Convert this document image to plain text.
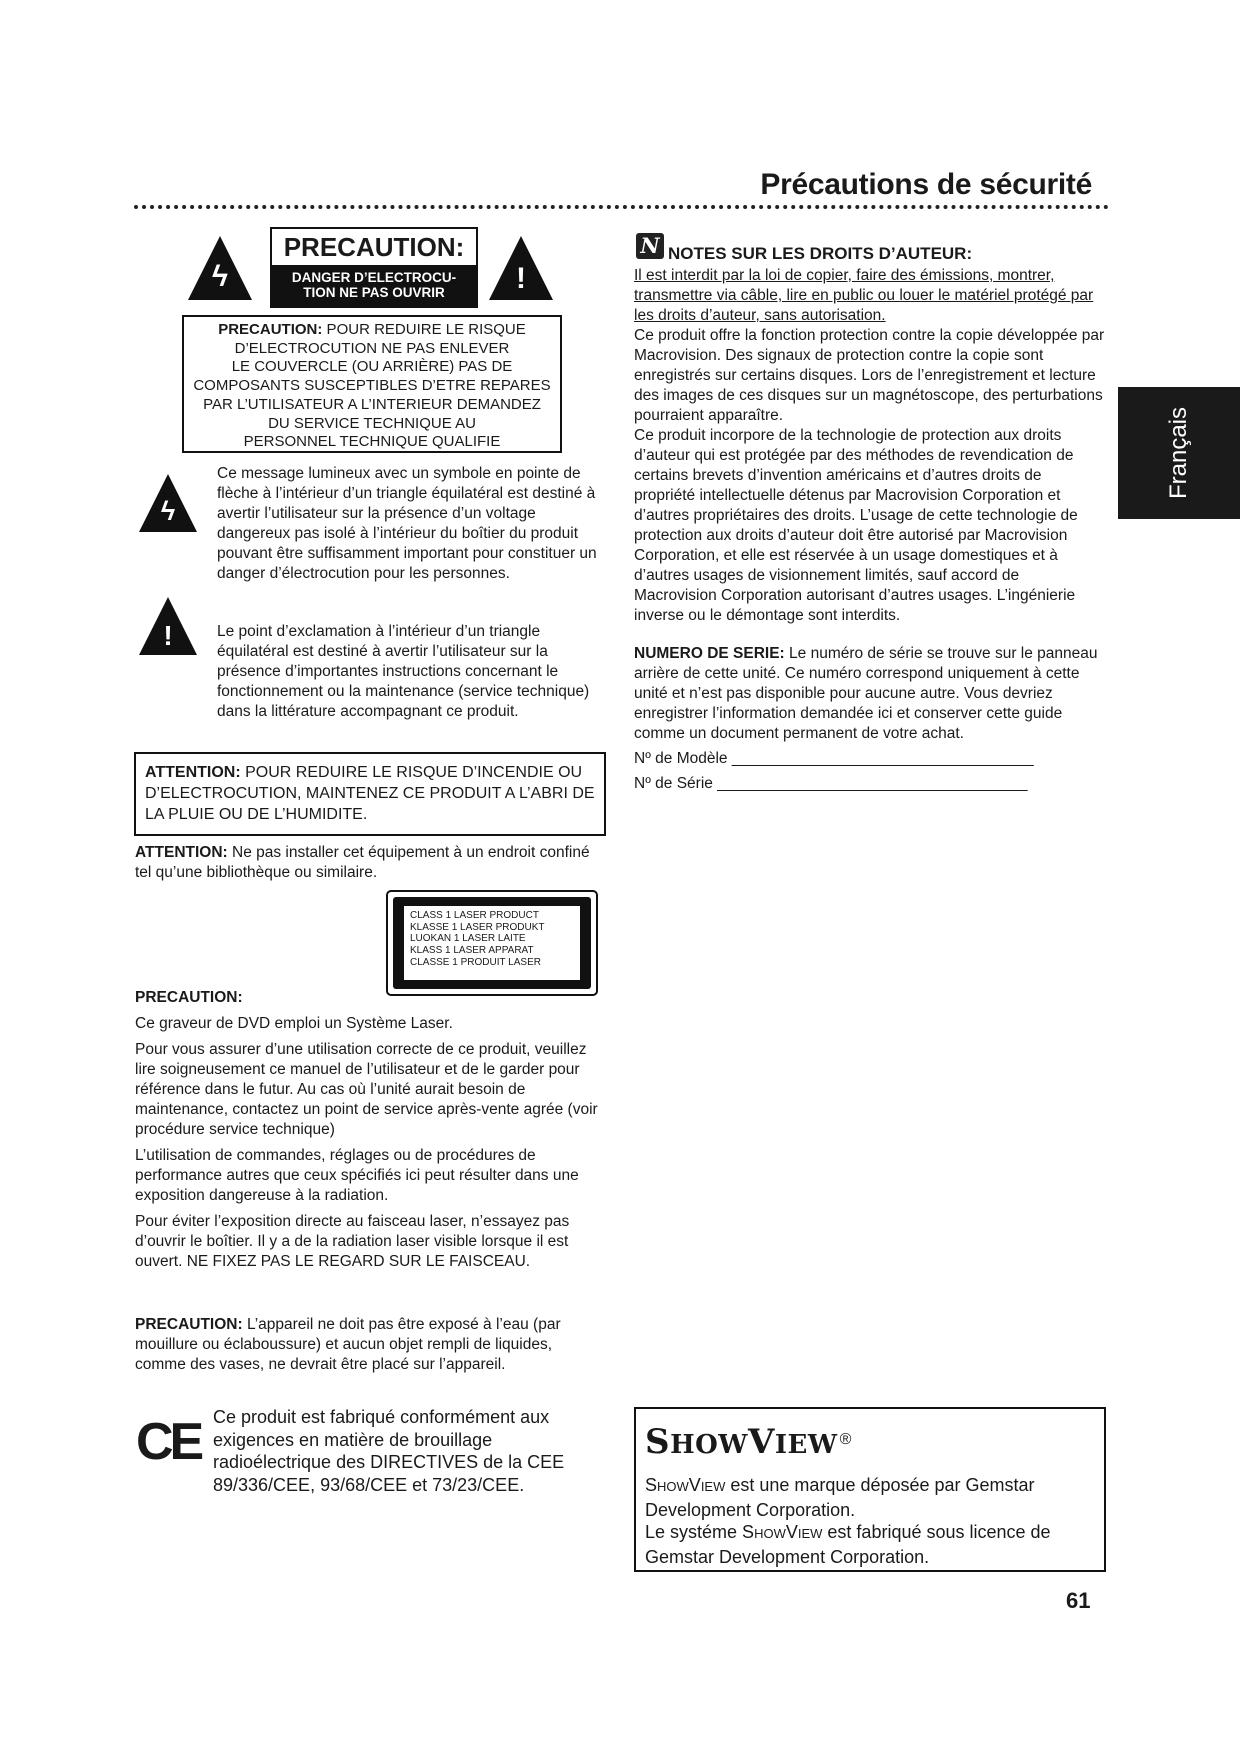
Précautions de sécurité
ϟ
PRECAUTION:
DANGER D’ELECTROCU-
TION NE PAS OUVRIR	!
PRECAUTION: POUR REDUIRE LE RISQUE
D’ELECTROCUTION NE PAS ENLEVER
LE COUVERCLE (OU ARRIÈRE) PAS DE
COMPOSANTS SUSCEPTIBLES D’ETRE REPARES
PAR L’UTILISATEUR A L’INTERIEUR DEMANDEZ
DU SERVICE TECHNIQUE AU
PERSONNEL TECHNIQUE QUALIFIE
ϟ

Ce message lumineux avec un symbole en pointe de flèche à l’intérieur d’un triangle équilatéral est destiné à avertir l’utilisateur sur la présence d’un voltage dangereux pas isolé à l’intérieur du boîtier du produit pouvant être suffisamment important pour constituer un danger d’électrocution pour les personnes.

!	Le point d’exclamation à l’intérieur d’un triangle équilatéral est destiné à avertir l’utilisateur sur la présence d’importantes instructions concernant le fonctionnement ou la maintenance (service technique) dans la littérature accompagnant ce produit.

ATTENTION: POUR REDUIRE LE RISQUE D’INCENDIE OU D’ELECTROCUTION, MAINTENEZ CE PRODUIT A L’ABRI DE LA PLUIE OU DE L’HUMIDITE.

ATTENTION: Ne pas installer cet équipement à un endroit confiné tel qu’une bibliothèque ou similaire.

CLASS 1 LASER PRODUCT
KLASSE 1 LASER PRODUKT
LUOKAN 1 LASER LAITE
KLASS 1 LASER APPARAT
CLASSE 1 PRODUIT LASER

PRECAUTION:

Ce graveur de DVD emploi un Système Laser.

Pour vous assurer d’une utilisation correcte de ce produit, veuillez lire soigneusement ce manuel de l’utilisateur et de le garder pour référence dans le futur. Au cas où l’unité aurait besoin de maintenance, contactez un point de service après-vente agrée (voir procédure service technique)

L’utilisation de commandes, réglages ou de procédures de performance autres que ceux spécifiés ici peut résulter dans une exposition dangereuse à la radiation.

Pour éviter l’exposition directe au faisceau laser, n’essayez pas d’ouvrir le boîtier. Il y a de la radiation laser visible lorsque il est ouvert. NE FIXEZ PAS LE REGARD SUR LE FAISCEAU.

PRECAUTION: L’appareil ne doit pas être exposé à l’eau (par mouillure ou éclaboussure) et aucun objet rempli de liquides, comme des vases, ne devrait être placé sur l’appareil.

CE Ce produit est fabriqué conformément aux exigences en matière de brouillage radioélectrique des DIRECTIVES de la CEE 89/336/CEE, 93/68/CEE et 73/23/CEE.

N NOTES SUR LES DROITS D’AUTEUR:

Il est interdit par la loi de copier, faire des émissions, montrer, transmettre via câble, lire en public ou louer le matériel protégé par les droits d’auteur, sans autorisation.

Ce produit offre la fonction protection contre la copie développée par Macrovision. Des signaux de protection contre la copie sont enregistrés sur certains disques. Lors de l’enregistrement et lecture des images de ces disques sur un magnétoscope, des perturbations pourraient apparaître.

Ce produit incorpore de la technologie de protection aux droits d’auteur qui est protégée par des méthodes de revendication de certains brevets d’invention américains et d’autres droits de propriété intellectuelle détenus par Macrovision Corporation et d’autres propriétaires des droits. L’usage de cette technologie de protection aux droits d’auteur doit être autorisé par Macrovision Corporation, et elle est réservée à un usage domestiques et à d’autres usages de visionnement limités, sauf accord de Macrovision Corporation autorisant d’autres usages. L’ingénierie inverse ou le démontage sont interdits.

NUMERO DE SERIE: Le numéro de série se trouve sur le panneau arrière de cette unité. Ce numéro correspond uniquement à cette unité et n’est pas disponible pour aucune autre. Vous devriez enregistrer l’information demandée ici et conserver cette guide comme un document permanent de votre achat.

Nº de Modèle ___________________________________

Nº de Série ____________________________________

Français
SHOWVIEW ®
SHOWVIEW est une marque déposée par Gemstar Development Corporation.
Le systéme SHOWVIEW est fabriqué sous licence de Gemstar Development Corporation.
61
